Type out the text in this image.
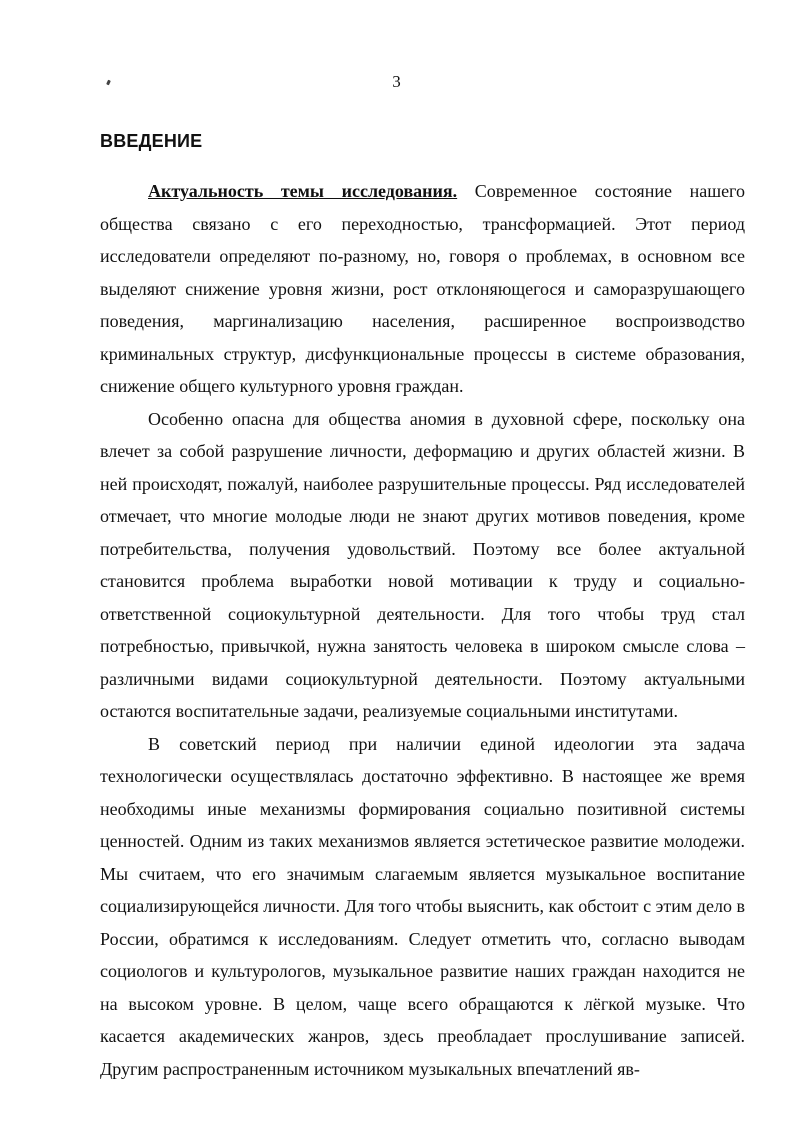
3
ВВЕДЕНИЕ

Актуальность темы исследования. Современное состояние нашего общества связано с его переходностью, трансформацией. Этот период исследователи определяют по-разному, но, говоря о проблемах, в основном все выделяют снижение уровня жизни, рост отклоняющегося и саморазрушающего поведения, маргинализацию населения, расширенное воспроизводство криминальных структур, дисфункциональные процессы в системе образования, снижение общего культурного уровня граждан.

Особенно опасна для общества аномия в духовной сфере, поскольку она влечет за собой разрушение личности, деформацию и других областей жизни. В ней происходят, пожалуй, наиболее разрушительные процессы. Ряд исследователей отмечает, что многие молодые люди не знают других мотивов поведения, кроме потребительства, получения удовольствий. Поэтому все более актуальной становится проблема выработки новой мотивации к труду и социально-ответственной социокультурной деятельности. Для того чтобы труд стал потребностью, привычкой, нужна занятость человека в широком смысле слова – различными видами социокультурной деятельности. Поэтому актуальными остаются воспитательные задачи, реализуемые социальными институтами.

В советский период при наличии единой идеологии эта задача технологически осуществлялась достаточно эффективно. В настоящее же время необходимы иные механизмы формирования социально позитивной системы ценностей. Одним из таких механизмов является эстетическое развитие молодежи. Мы считаем, что его значимым слагаемым является музыкальное воспитание социализирующейся личности. Для того чтобы выяснить, как обстоит с этим дело в России, обратимся к исследованиям. Следует отметить что, согласно выводам социологов и культурологов, музыкальное развитие наших граждан находится не на высоком уровне. В целом, чаще всего обращаются к лёгкой музыке. Что касается академических жанров, здесь преобладает прослушивание записей. Другим распространенным источником музыкальных впечатлений яв-
